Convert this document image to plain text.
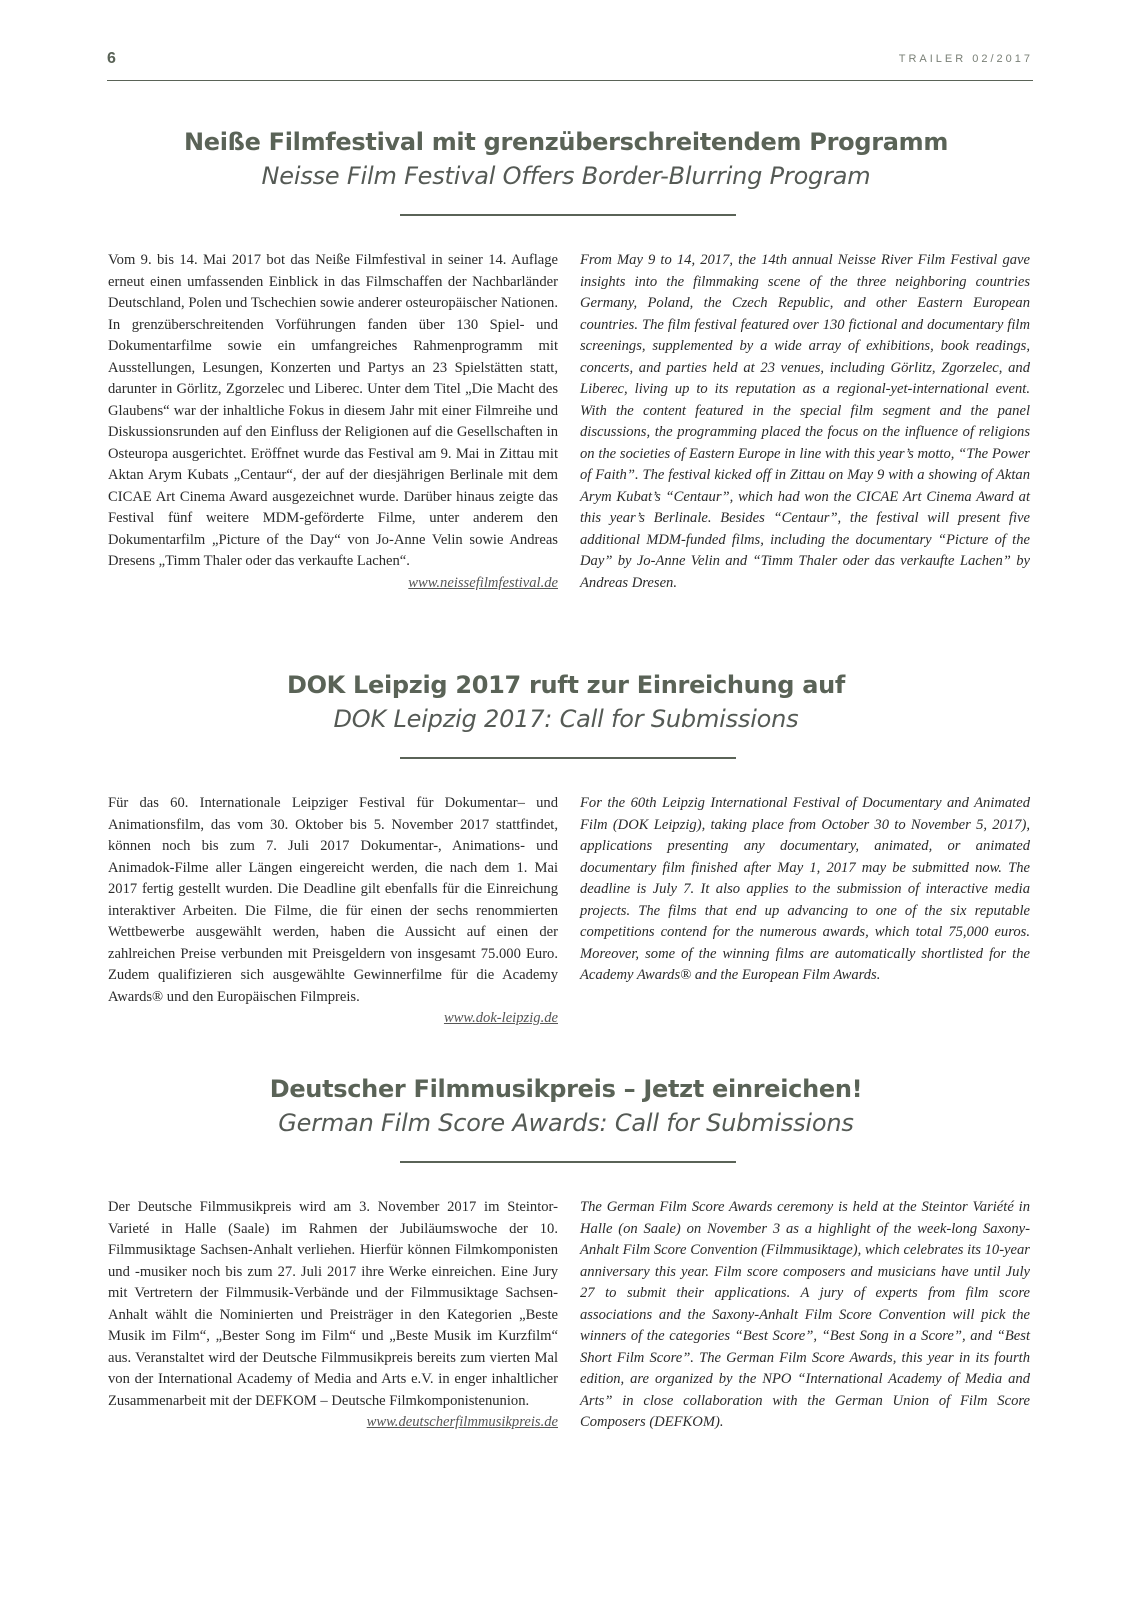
6	TRAILER 02/2017
Neiße Filmfestival mit grenzüberschreitendem Programm
Neisse Film Festival Offers Border-Blurring Program
Vom 9. bis 14. Mai 2017 bot das Neiße Filmfestival in seiner 14. Auflage erneut einen umfassenden Einblick in das Filmschaffen der Nachbarländer Deutschland, Polen und Tschechien sowie anderer osteuropäischer Nationen. In grenzüberschreitenden Vorführungen fanden über 130 Spiel- und Dokumentarfilme sowie ein umfangreiches Rahmenprogramm mit Ausstellungen, Lesungen, Konzerten und Partys an 23 Spielstätten statt, darunter in Görlitz, Zgorzelec und Liberec. Unter dem Titel „Die Macht des Glaubens“ war der inhaltliche Fokus in diesem Jahr mit einer Filmreihe und Diskussionsrunden auf den Einfluss der Religionen auf die Gesellschaften in Osteuropa ausgerichtet. Eröffnet wurde das Festival am 9. Mai in Zittau mit Aktan Arym Kubats „Centaur“, der auf der diesjährigen Berlinale mit dem CICAE Art Cinema Award ausgezeichnet wurde. Darüber hinaus zeigte das Festival fünf weitere MDM-geförderte Filme, unter anderem den Dokumentarfilm „Picture of the Day“ von Jo-Anne Velin sowie Andreas Dresens „Timm Thaler oder das verkaufte Lachen“.
www.neissefilmfestival.de
From May 9 to 14, 2017, the 14th annual Neisse River Film Festival gave insights into the filmmaking scene of the three neighboring countries Germany, Poland, the Czech Republic, and other Eastern European countries. The film festival featured over 130 fictional and documentary film screenings, supplemented by a wide array of exhibitions, book readings, concerts, and parties held at 23 venues, including Görlitz, Zgorzelec, and Liberec, living up to its reputation as a regional-yet-international event. With the content featured in the special film segment and the panel discussions, the programming placed the focus on the influence of religions on the societies of Eastern Europe in line with this year’s motto, “The Power of Faith”. The festival kicked off in Zittau on May 9 with a showing of Aktan Arym Kubat’s “Centaur”, which had won the CICAE Art Cinema Award at this year’s Berlinale. Besides “Centaur”, the festival will present five additional MDM-funded films, including the documentary “Picture of the Day” by Jo-Anne Velin and “Timm Thaler oder das verkaufte Lachen” by Andreas Dresen.
DOK Leipzig 2017 ruft zur Einreichung auf
DOK Leipzig 2017: Call for Submissions
Für das 60. Internationale Leipziger Festival für Dokumentar– und Animationsfilm, das vom 30. Oktober bis 5. November 2017 stattfindet, können noch bis zum 7. Juli 2017 Dokumentar-, Animations- und Animadok-Filme aller Längen eingereicht werden, die nach dem 1. Mai 2017 fertig gestellt wurden. Die Deadline gilt ebenfalls für die Einreichung interaktiver Arbeiten. Die Filme, die für einen der sechs renommierten Wettbewerbe ausgewählt werden, haben die Aussicht auf einen der zahlreichen Preise verbunden mit Preisgeldern von insgesamt 75.000 Euro. Zudem qualifizieren sich ausgewählte Gewinnerfilme für die Academy Awards® und den Europäischen Filmpreis.
www.dok-leipzig.de
For the 60th Leipzig International Festival of Documentary and Animated Film (DOK Leipzig), taking place from October 30 to November 5, 2017), applications presenting any documentary, animated, or animated documentary film finished after May 1, 2017 may be submitted now. The deadline is July 7. It also applies to the submission of interactive media projects. The films that end up advancing to one of the six reputable competitions contend for the numerous awards, which total 75,000 euros. Moreover, some of the winning films are automatically shortlisted for the Academy Awards® and the European Film Awards.
Deutscher Filmmusikpreis – Jetzt einreichen!
German Film Score Awards: Call for Submissions
Der Deutsche Filmmusikpreis wird am 3. November 2017 im Steintor-Varieté in Halle (Saale) im Rahmen der Jubiläumswoche der 10. Filmmusiktage Sachsen-Anhalt verliehen. Hierfür können Filmkomponisten und -musiker noch bis zum 27. Juli 2017 ihre Werke einreichen. Eine Jury mit Vertretern der Filmmusik-Verbände und der Filmmusiktage Sachsen-Anhalt wählt die Nominierten und Preisträger in den Kategorien „Beste Musik im Film“, „Bester Song im Film“ und „Beste Musik im Kurzfilm“ aus. Veranstaltet wird der Deutsche Filmmusikpreis bereits zum vierten Mal von der International Academy of Media and Arts e.V. in enger inhaltlicher Zusammenarbeit mit der DEFKOM – Deutsche Filmkomponistenunion.
www.deutscherfilmmusikpreis.de
The German Film Score Awards ceremony is held at the Steintor Variété in Halle (on Saale) on November 3 as a highlight of the week-long Saxony-Anhalt Film Score Convention (Filmmusiktage), which celebrates its 10-year anniversary this year. Film score composers and musicians have until July 27 to submit their applications. A jury of experts from film score associations and the Saxony-Anhalt Film Score Convention will pick the winners of the categories “Best Score”, “Best Song in a Score”, and “Best Short Film Score”. The German Film Score Awards, this year in its fourth edition, are organized by the NPO “International Academy of Media and Arts” in close collaboration with the German Union of Film Score Composers (DEFKOM).
